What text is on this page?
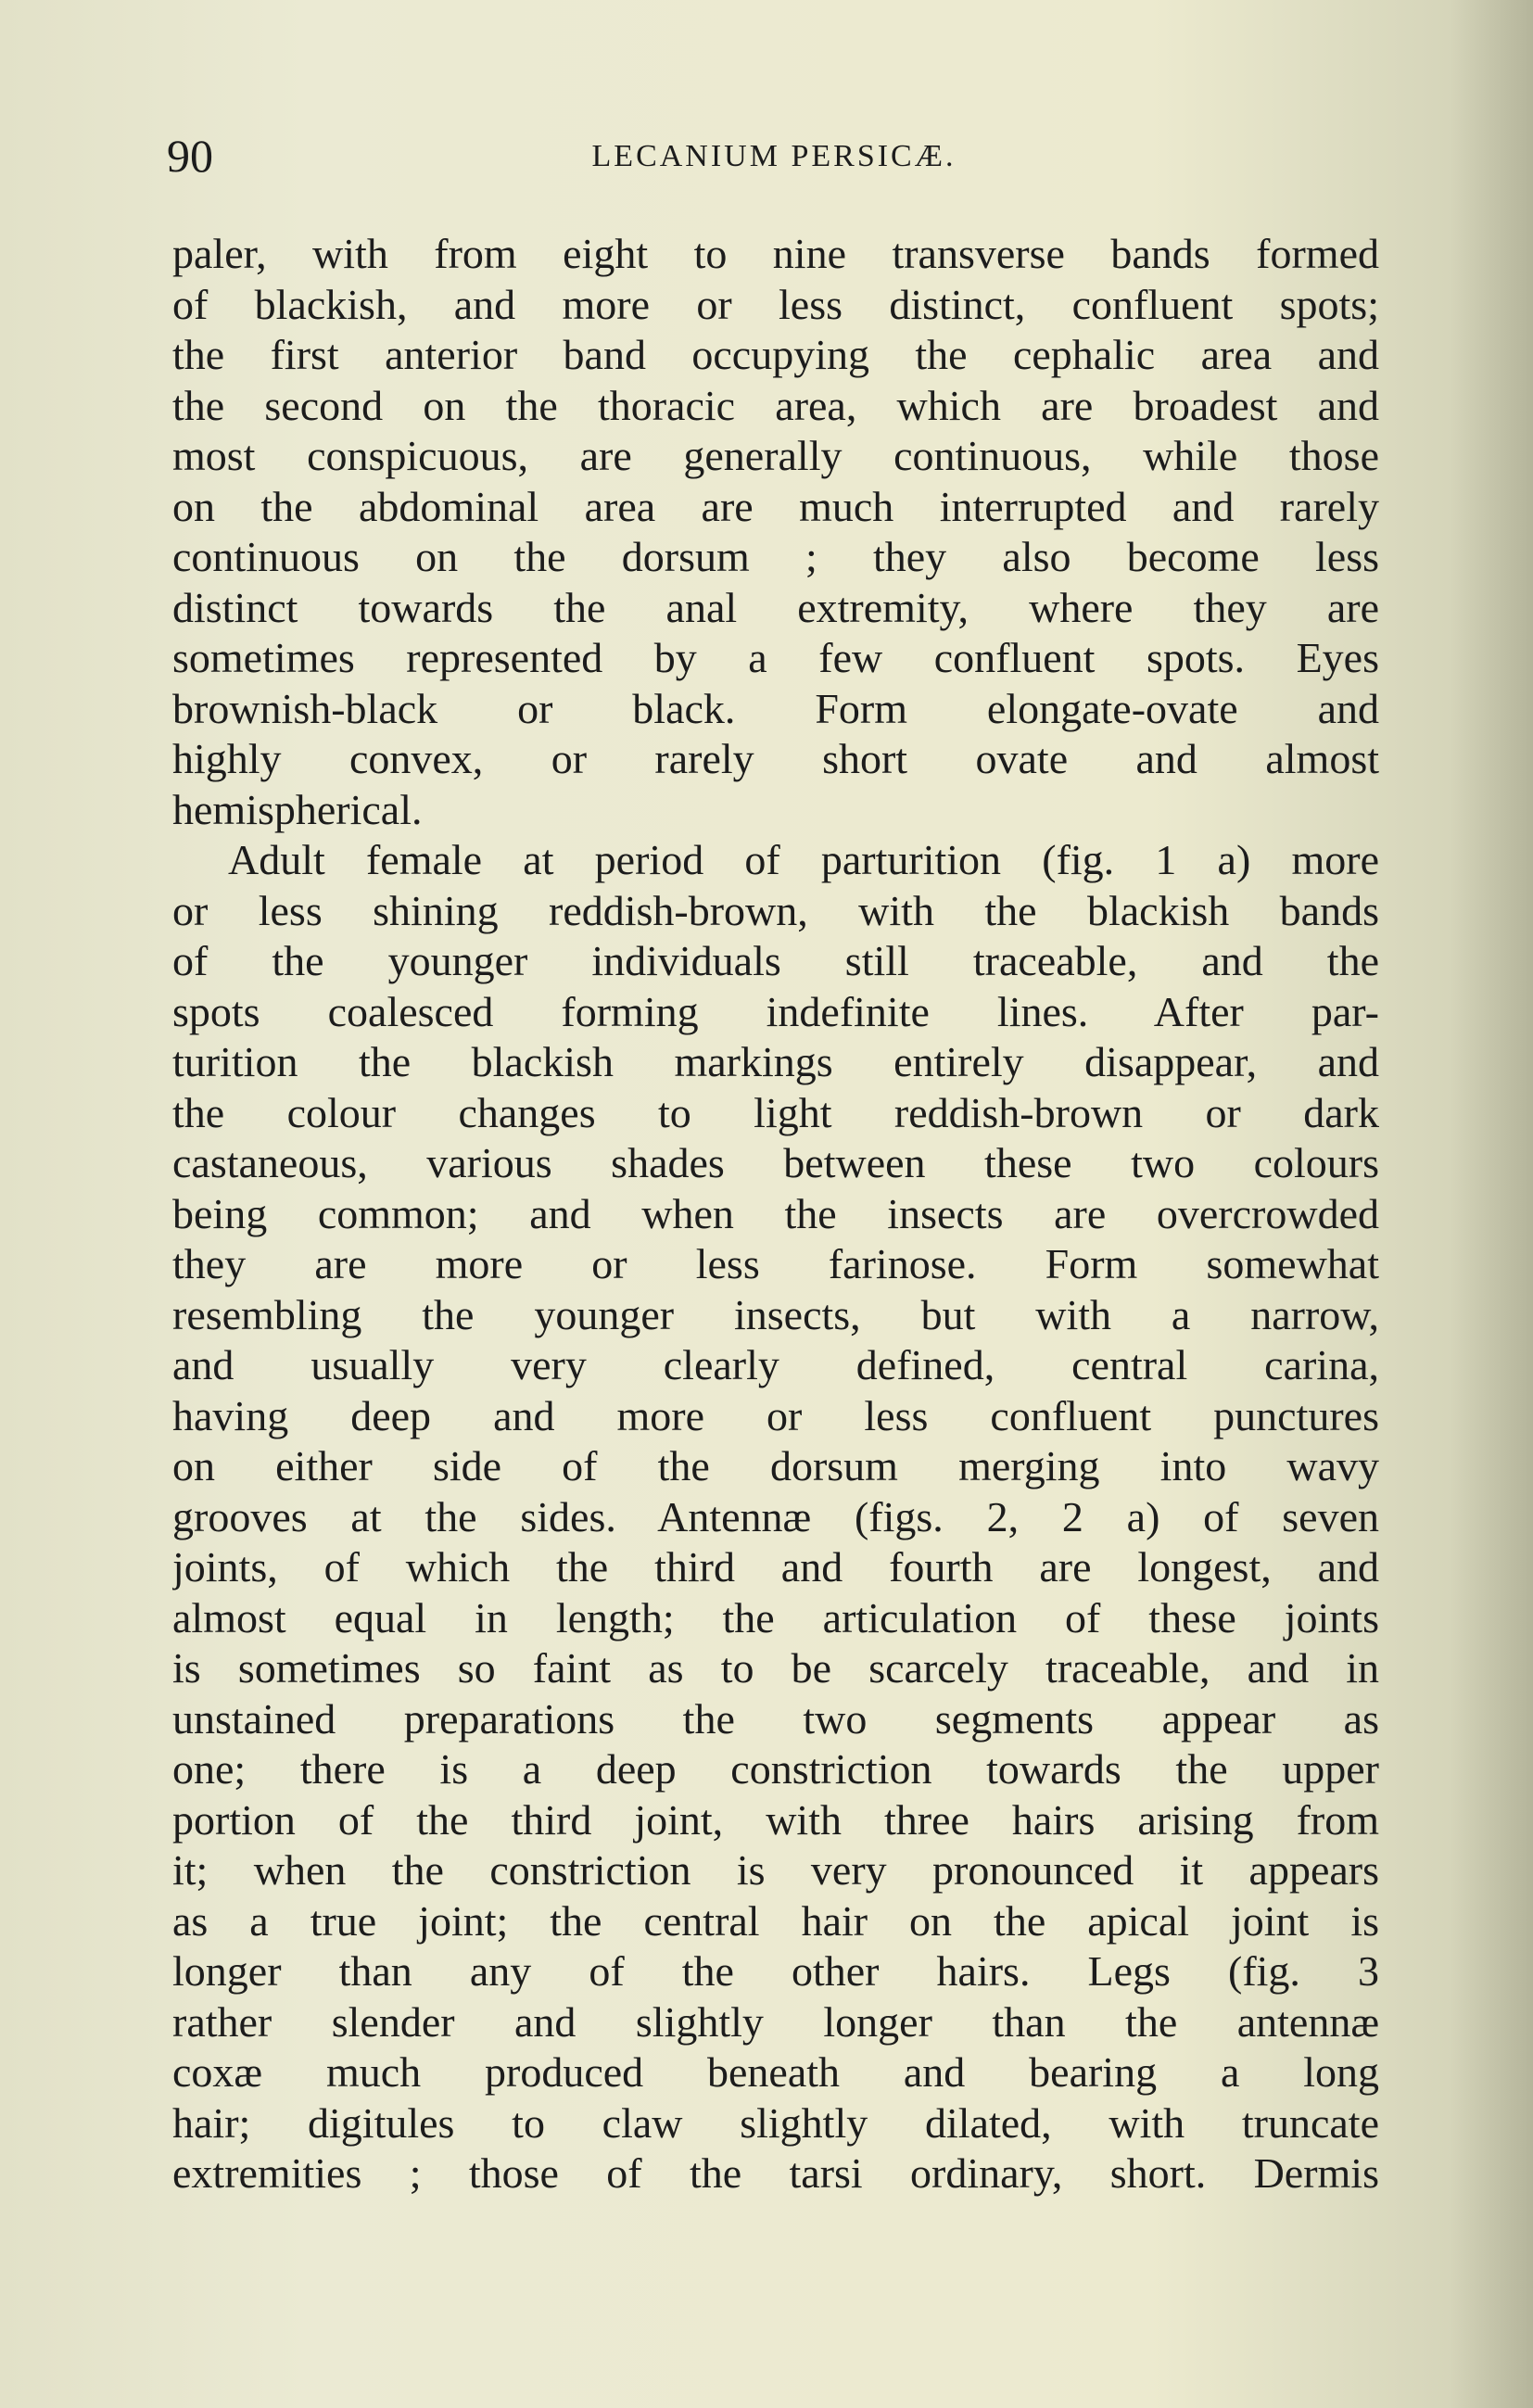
90	LECANIUM PERSICÆ.
paler, with from eight to nine transverse bands formed
of blackish, and more or less distinct, confluent spots;
the first anterior band occupying the cephalic area and
the second on the thoracic area, which are broadest and
most conspicuous, are generally continuous, while those
on the abdominal area are much interrupted and rarely
continuous on the dorsum ; they also become less
distinct towards the anal extremity, where they are
sometimes represented by a few confluent spots. Eyes
brownish-black or black. Form elongate-ovate and
highly convex, or rarely short ovate and almost
hemispherical.
Adult female at period of parturition (fig. 1 a) more
or less shining reddish-brown, with the blackish bands
of the younger individuals still traceable, and the
spots coalesced forming indefinite lines. After par-
turition the blackish markings entirely disappear, and
the colour changes to light reddish-brown or dark
castaneous, various shades between these two colours
being common; and when the insects are overcrowded
they are more or less farinose. Form somewhat
resembling the younger insects, but with a narrow,
and usually very clearly defined, central carina,
having deep and more or less confluent punctures
on either side of the dorsum merging into wavy
grooves at the sides. Antennæ (figs. 2, 2 a) of seven
joints, of which the third and fourth are longest, and
almost equal in length; the articulation of these joints
is sometimes so faint as to be scarcely traceable, and in
unstained preparations the two segments appear as
one; there is a deep constriction towards the upper
portion of the third joint, with three hairs arising from
it; when the constriction is very pronounced it appears
as a true joint; the central hair on the apical joint is
longer than any of the other hairs. Legs (fig. 3
rather slender and slightly longer than the antennæ
coxæ much produced beneath and bearing a long
hair; digitules to claw slightly dilated, with truncate
extremities ; those of the tarsi ordinary, short. Dermis
